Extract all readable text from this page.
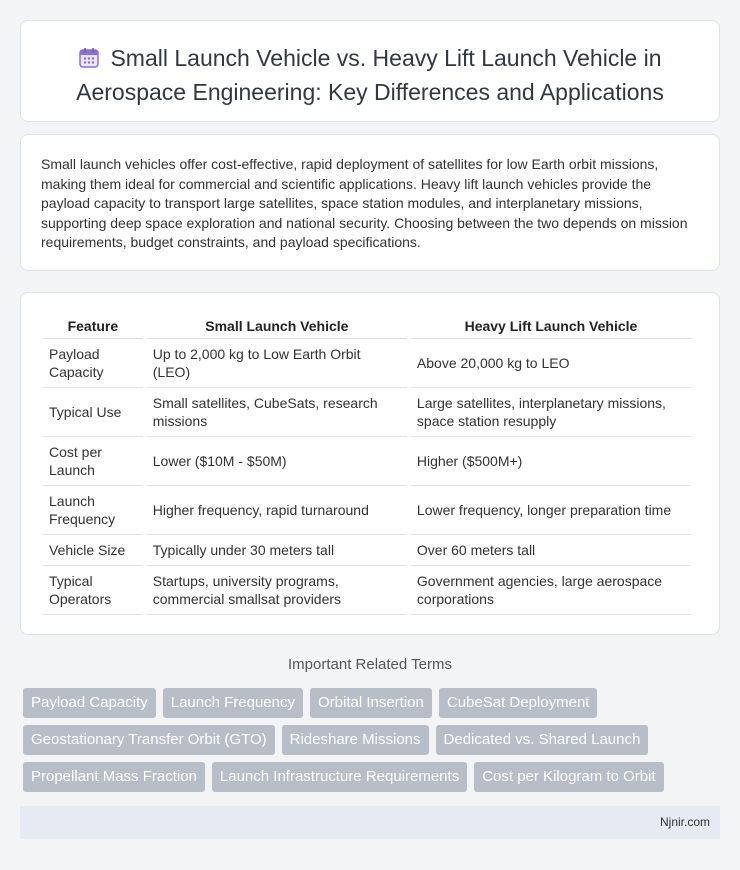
Small Launch Vehicle vs. Heavy Lift Launch Vehicle in Aerospace Engineering: Key Differences and Applications

Small launch vehicles offer cost-effective, rapid deployment of satellites for low Earth orbit missions, making them ideal for commercial and scientific applications. Heavy lift launch vehicles provide the payload capacity to transport large satellites, space station modules, and interplanetary missions, supporting deep space exploration and national security. Choosing between the two depends on mission requirements, budget constraints, and payload specifications.

Feature	Small Launch Vehicle	Heavy Lift Launch Vehicle
Payload Capacity	Up to 2,000 kg to Low Earth Orbit (LEO)	Above 20,000 kg to LEO
Typical Use	Small satellites, CubeSats, research missions	Large satellites, interplanetary missions, space station resupply
Cost per Launch	Lower ($10M - $50M)	Higher ($500M+)
Launch Frequency	Higher frequency, rapid turnaround	Lower frequency, longer preparation time
Vehicle Size	Typically under 30 meters tall	Over 60 meters tall
Typical Operators	Startups, university programs, commercial smallsat providers	Government agencies, large aerospace corporations
Important Related Terms
Payload Capacity	Launch Frequency	Orbital Insertion	CubeSat Deployment
Geostationary Transfer Orbit (GTO)	Rideshare Missions	Dedicated vs. Shared Launch
Propellant Mass Fraction	Launch Infrastructure Requirements	Cost per Kilogram to Orbit
Njnir.com
